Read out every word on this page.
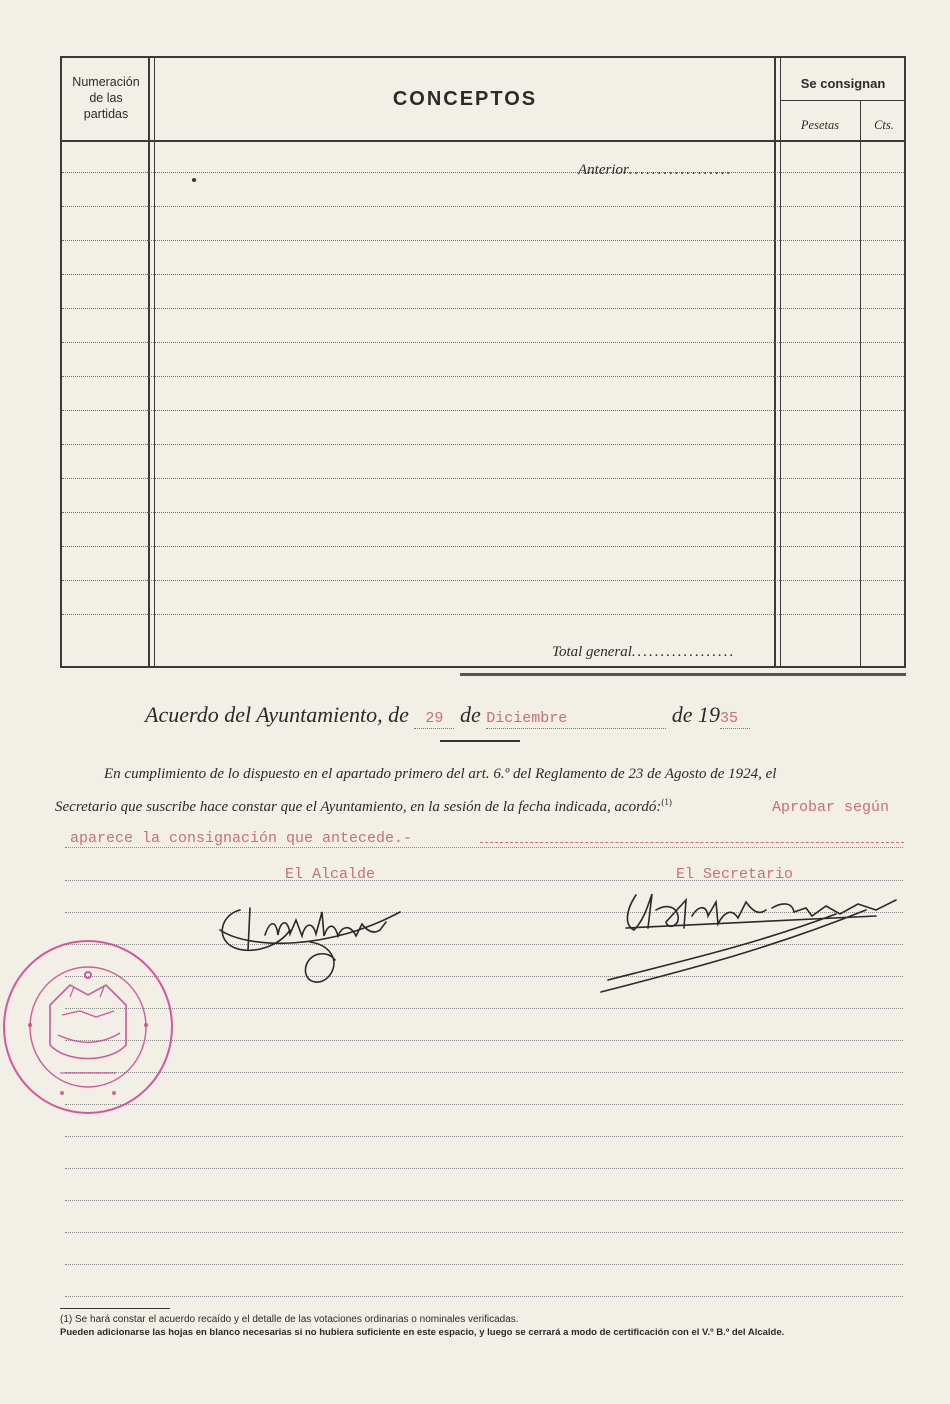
Numeración
de las
partidas
CONCEPTOS
Se consignan
Pesetas	Cts.
Anterior..................
Total general..................
Acuerdo del Ayuntamiento, de 29 de Diciembre	de 1935
En cumplimiento de lo dispuesto en el apartado primero del art. 6.º del Reglamento de 23 de Agosto de 1924, el
Secretario que suscribe hace constar que el Ayuntamiento, en la sesión de la fecha indicada, acordó:$^{(1)}$	Aprobar según
aparece la consignación que antecede.-
El Alcalde	El Secretario
(1) Se hará constar el acuerdo recaído y el detalle de las votaciones ordinarias o nominales verificadas.
Pueden adicionarse las hojas en blanco necesarias si no hubiera suficiente en este espacio, y luego se cerrará a modo de certificación con el V.º B.º del Alcalde.
